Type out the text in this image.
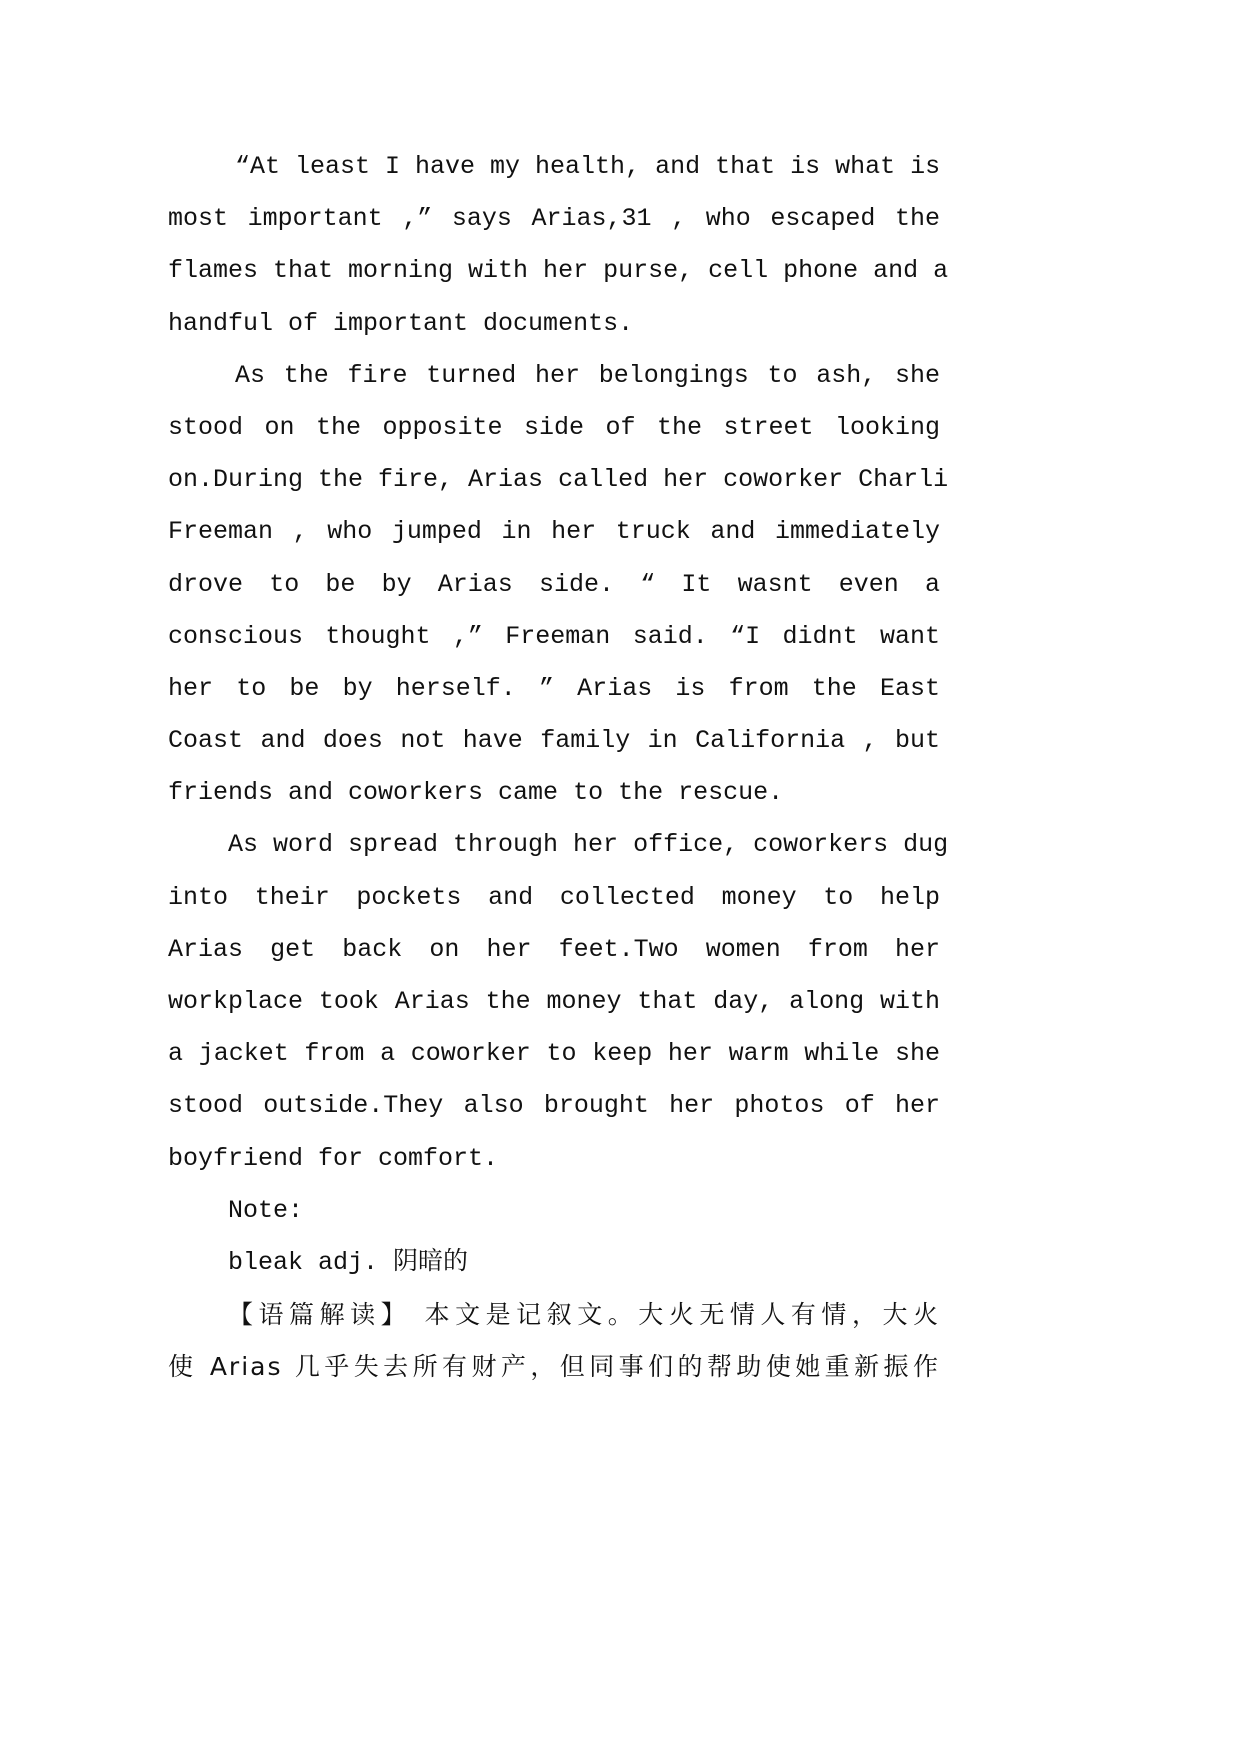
“At least I have my health, and that is what is
most important ,” says Arias,31 , who escaped the
flames that morning with her purse, cell phone and a
handful of important documents.
As the fire turned her belongings to ash, she
stood on the opposite side of the street looking
on.During the fire, Arias called her coworker Charli
Freeman , who jumped in her truck and immediately
drove to be by Arias side. “ It wasnt even a
conscious thought ,” Freeman said. “I didnt want
her to be by herself. ” Arias is from the East
Coast and does not have family in California , but
friends and coworkers came to the rescue.
As word spread through her office, coworkers dug
into their pockets and collected money to help
Arias get back on her feet.Two women from her
workplace took Arias the money that day, along with
a jacket from a coworker to keep her warm while she
stood outside.They also brought her photos of her
boyfriend for comfort.
Note:
bleak adj. 阴暗的
【语篇解读】 本文是记叙文。大火无情人有情，大火
使 Arias 几乎失去所有财产，但同事们的帮助使她重新振作
